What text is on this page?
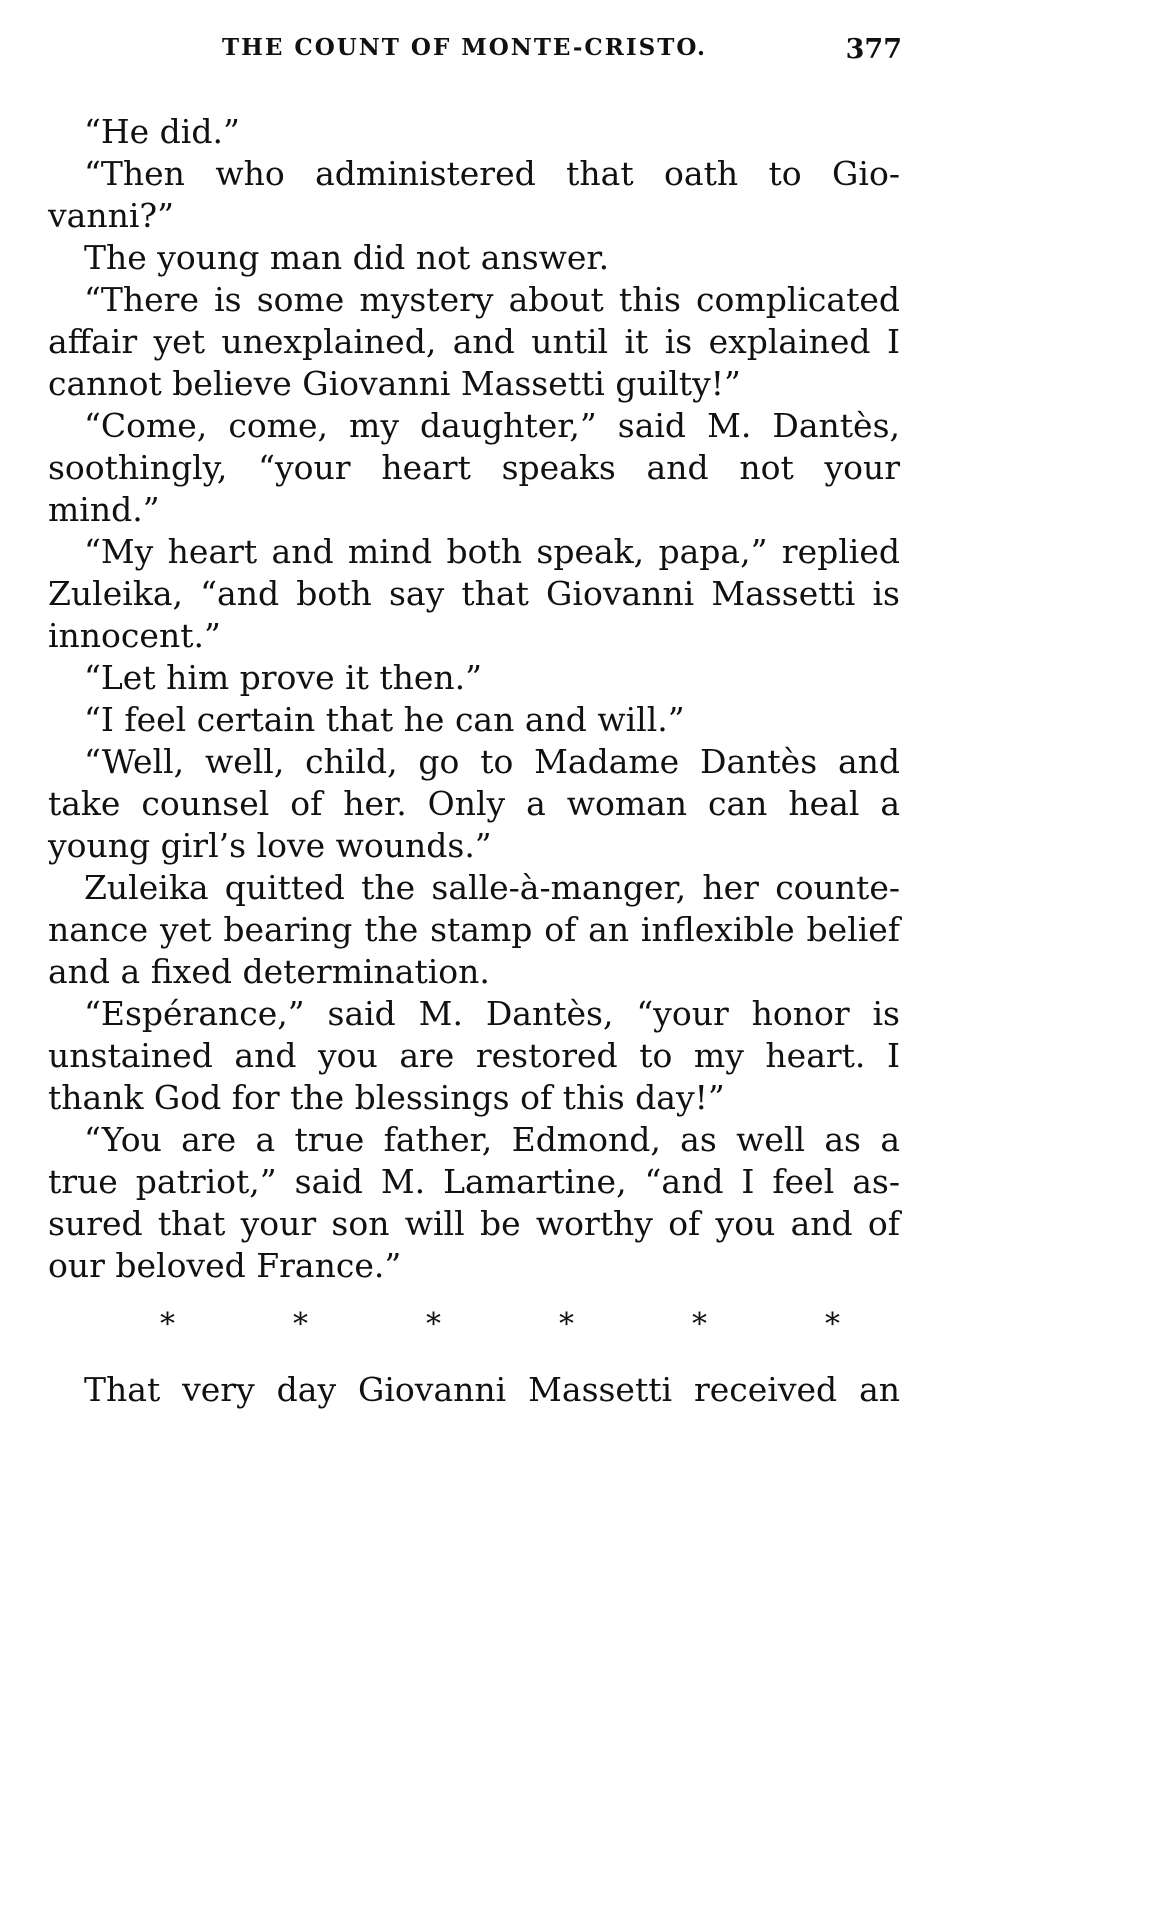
THE COUNT OF MONTE-CRISTO.	377
“He did.”
“Then who administered that oath to Gio-
vanni?”
The young man did not answer.
“There is some mystery about this complicated
affair yet unexplained, and until it is explained I
cannot believe Giovanni Massetti guilty!”
“Come, come, my daughter,” said M. Dantès,
soothingly, “your heart speaks and not your
mind.”
“My heart and mind both speak, papa,” replied
Zuleika, “and both say that Giovanni Massetti is
innocent.”
“Let him prove it then.”
“I feel certain that he can and will.”
“Well, well, child, go to Madame Dantès and
take counsel of her. Only a woman can heal a
young girl’s love wounds.”
Zuleika quitted the salle-à-manger, her counte-
nance yet bearing the stamp of an inflexible belief
and a fixed determination.
“Espérance,” said M. Dantès, “your honor is
unstained and you are restored to my heart. I
thank God for the blessings of this day!”
“You are a true father, Edmond, as well as a
true patriot,” said M. Lamartine, “and I feel as-
sured that your son will be worthy of you and of
our beloved France.”
*	*	*	*	*	*
That very day Giovanni Massetti received an
